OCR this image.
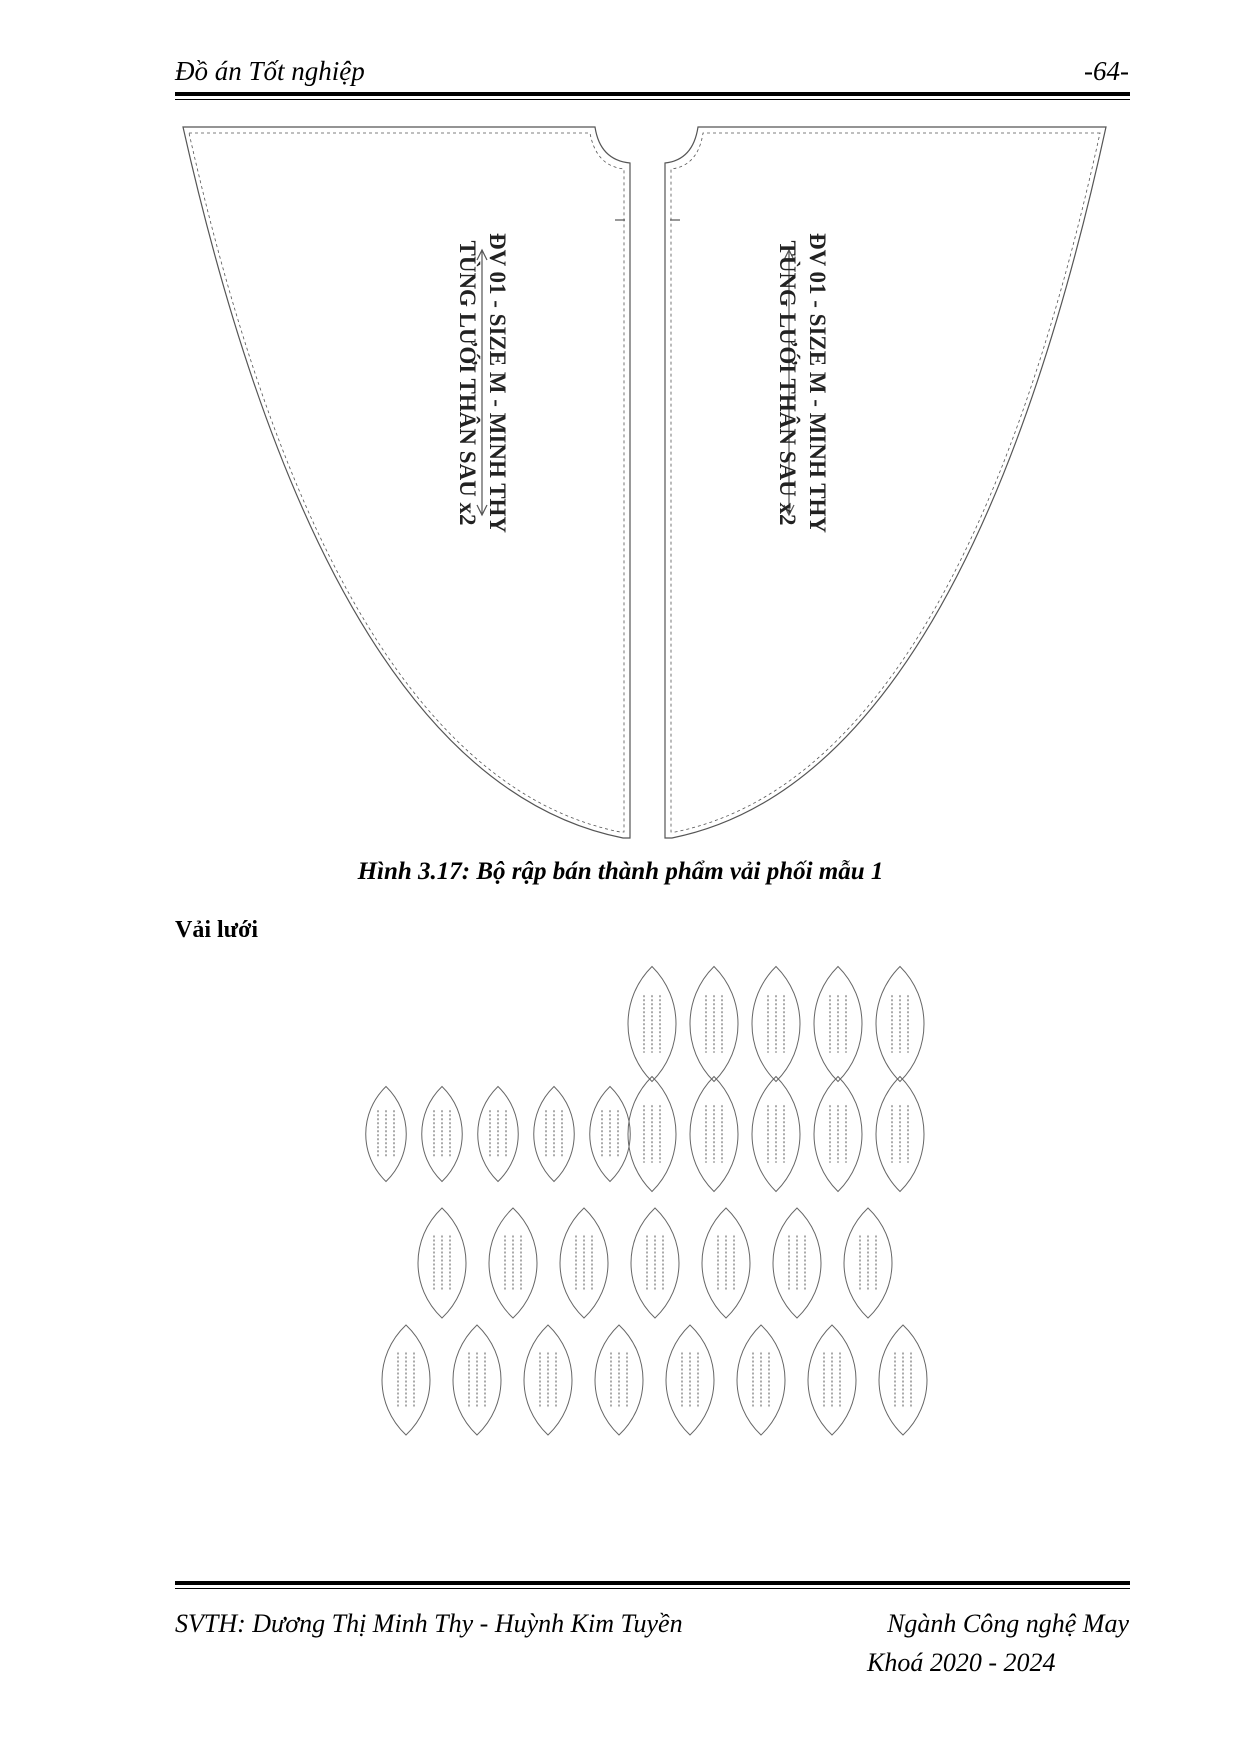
Đồ án Tốt nghiệp	-64-
ĐV 01 - SIZE M - MINH THY
TÙNG LƯỚI THÂN SAU x2	ĐV 01 - SIZE M - MINH THY
TÙNG LƯỚI THÂN SAU x2
Hình 3.17: Bộ rập bán thành phẩm vải phối mẫu 1
Vải lưới
SVTH: Dương Thị Minh Thy - Huỳnh Kim Tuyền	Ngành Công nghệ May
Khoá 2020 - 2024
